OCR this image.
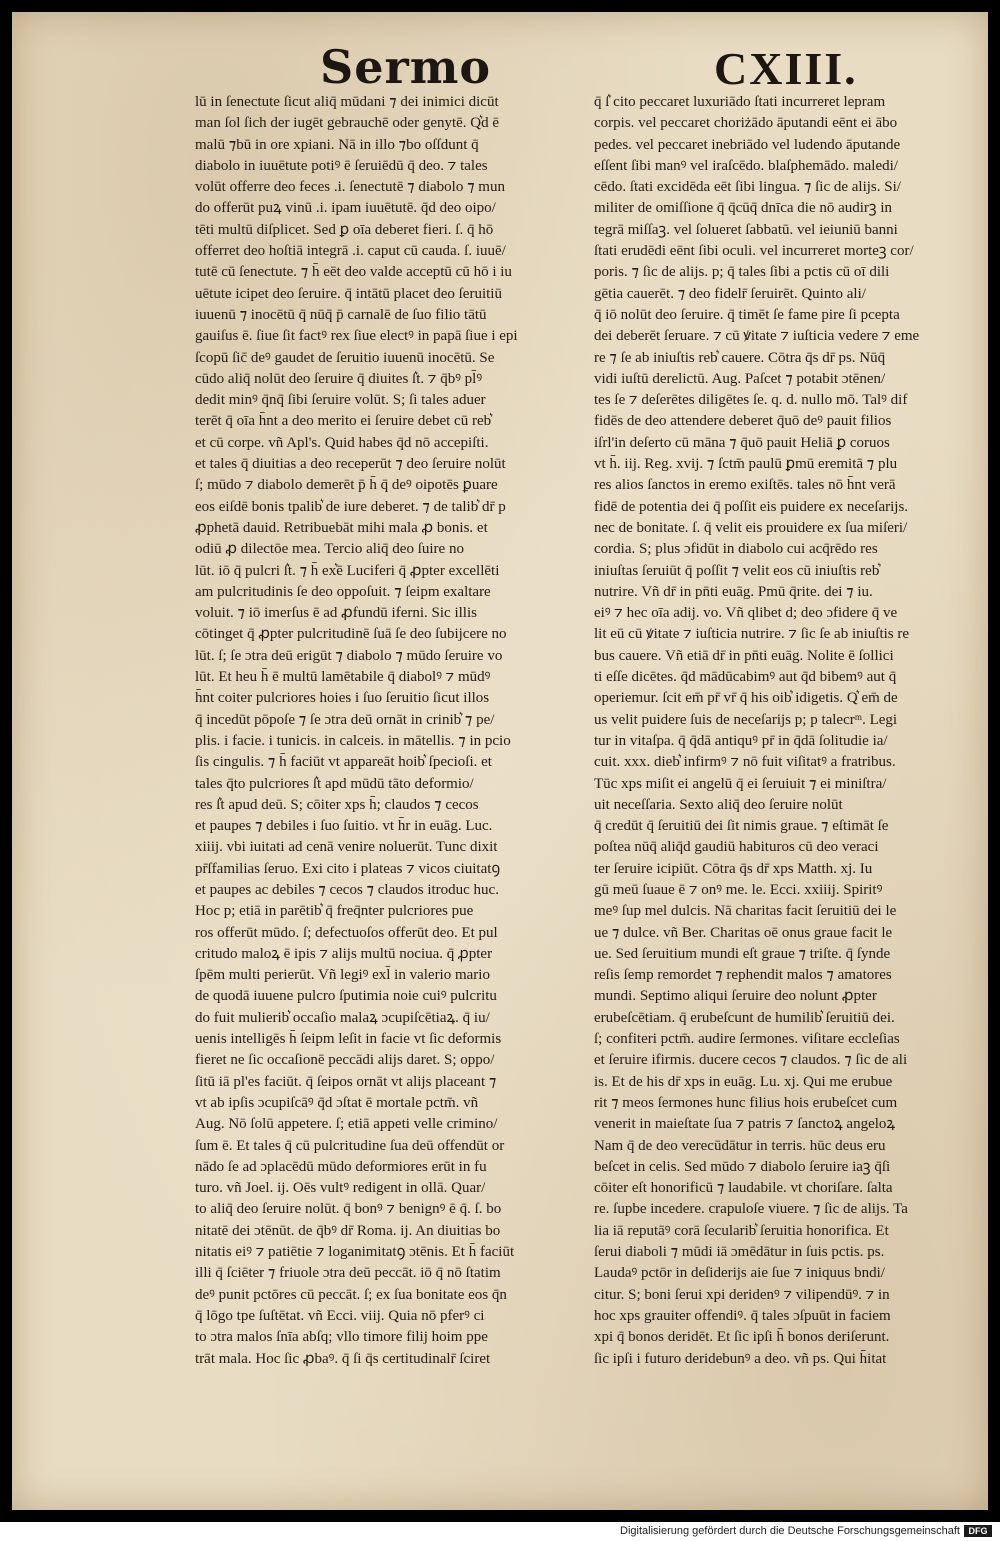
Sermo	CXIII.
lū in ſenectute ſicut aliq̄ mūdani ⁊ dei inimici dicūt
man ſol ſich der iugēt gebrauchē oder genytē. Q͛d ē
malū ⁊bū in ore xpiani. Nā in illo ⁊bo oſſdunt q̄
diabolo in iuuētute potiꝰ ē ſeruiēdū q̄ deo. ⁊ tales
volūt offerre deo feces .i. ſenectutē ⁊ diabolo ⁊ mun
do offerūt puꝝ vinū .i. ipam iuuētutē. q̄d deo oipo/
tēti multū diſplicet. Sed ꝑ oīa deberet fieri. ſ. q̄ hō
offerret deo hoſtiā integrā .i. caput cū cauda. ſ. iuuē/
tutē cū ſenectute. ⁊ h̄ eēt deo valde acceptū cū hō i iu
uētute icipet deo ſeruire. q̄ intātū placet deo ſeruitiū
iuuenū ⁊ inocētū q̄ nūq̄ p̄ carnalē de ſuo filio tātū
gauiſus ē. ſiue ſit factꝰ rex ſiue electꝰ in papā ſiue i epi
ſcopū ſic̄ deꝰ gaudet de ſeruitio iuuenū inocētū. Se
cūdo aliq̄ nolūt deo ſeruire q̄ diuites ſ͛t. ⁊ q̄bꝰ pl̄ꝰ
dedit minꝰ q̄nq̄ ſibi ſeruire volūt. S; ſi tales aduer
terēt q̄ oīa h̄nt a deo merito ei ſeruire debet cū reb͛
et cū corpe. vñ Apl's. Quid habes q̄d nō accepiſti.
et tales q̄ diuitias a deo receperūt ⁊ deo ſeruire nolūt
ſ; mūdo ⁊ diabolo demerēt p̄ h̄ q̄ deꝰ oipotēs ꝑuare
eos eiſdē bonis tpalib͛ de iure deberet. ⁊ de talib͛ dr̄ p
ꝓphetā dauid. Retribuebāt mihi mala ꝓ bonis. et
odiū ꝓ dilectōe mea. Tercio aliq̄ deo ſuire no
lūt. iō q̄ pulcri ſ͛t. ⁊ h̄ ex͛ē Luciferi q̄ ꝓpter excellēti
am pulcritudinis ſe deo oppoſuit. ⁊ ſeipm exaltare
voluit. ⁊ iō imerſus ē ad ꝓfundū iferni. Sic illis
cōtinget q̄ ꝓpter pulcritudinē ſuā ſe deo ſubijcere no
lūt. ſ; ſe ɔtra deū erigūt ⁊ diabolo ⁊ mūdo ſeruire vo
lūt. Et heu h̄ ē multū lamētabile q̄ diabolꝰ ⁊ mūdꝰ
h̄nt coiter pulcriores hoies i ſuo ſeruitio ſicut illos
q̄ incedūt pōpoſe ⁊ ſe ɔtra deū ornāt in crinib͛ ⁊ pe/
plis. i facie. i tunicis. in calceis. in mātellis. ⁊ in pcio
ſis cingulis. ⁊ h̄ faciūt vt appareāt hoib͛ ſpecioſi. et
tales q̄to pulcriores ſ͛t apd mūdū tāto deformio/
res ſ͛t apud deū. S; cōiter xps h̄; claudos ⁊ cecos
et paupes ⁊ debiles i ſuo ſuitio. vt h̄r in euāg. Luc.
xiiij. vbi iuitati ad cenā venire noluerūt. Tunc dixit
pr̄ſfamilias ſeruo. Exi cito i plateas ⁊ vicos ciuitatꝯ
et paupes ac debiles ⁊ cecos ⁊ claudos itroduc huc.
Hoc p; etiā in parētib͛ q̄ freq̄nter pulcriores pue
ros offerūt mūdo. ſ; defectuoſos offerūt deo. Et pul
critudo maloꝝ ē ipis ⁊ alijs multū nociua. q̄ ꝓpter
ſpēm multi perierūt. Vñ legiꝰ exl̄ in valerio mario
de quodā iuuene pulcro ſputimia noie cuiꝰ pulcritu
do fuit mulierib͛ occaſio malaꝝ ɔcupiſcētiaꝝ. q̄ iu/
uenis intelligēs h̄ ſeipm leſit in facie vt ſic deformis
fieret ne ſic occaſionē peccādi alijs daret. S; oppo/
ſitū iā pl'es faciūt. q̄ ſeipos ornāt vt alijs placeant ⁊
vt ab ipſis ɔcupiſcāꝰ q̄d ɔſtat ē mortale pctm̄. vñ
Aug. Nō ſolū appetere. ſ; etiā appeti velle crimino/
ſum ē. Et tales q̄ cū pulcritudine ſua deū offendūt or
nādo ſe ad ɔplacēdū mūdo deformiores erūt in fu
turo. vñ Joel. ij. Oēs vultꝰ redigent in ollā. Quar/
to aliq̄ deo ſeruire nolūt. q̄ bonꝰ ⁊ benignꝰ ē q̄. ſ. bo
nitatē dei ɔtēnūt. de q̄bꝰ dr̄ Roma. ij. An diuitias bo
nitatis eiꝰ ⁊ patiētie ⁊ loganimitatꝯ ɔtēnis. Et h̄ faciūt
illi q̄ ſciēter ⁊ friuole ɔtra deū peccāt. iō q̄ nō ſtatim
deꝰ punit pctōres cū peccāt. ſ; ex ſua bonitate eos q̄n
q̄ lōgo tpe ſuſtētat. vñ Ecci. viij. Quia nō pferꝰ ci
to ɔtra malos ſnīa abſq; vllo timore filij hoim ppe
trāt mala. Hoc ſic ꝓbaꝰ. q̄ ſi q̄s certitudinalr̄ ſciret
q̄ ſ͛ cito peccaret luxuriādo ſtati incurreret lepram
corpis. vel peccaret choriżādo āputandi eēnt ei ābo
pedes. vel peccaret inebriādo vel ludendo āputande
eſſent ſibi manꝰ vel iraſcēdo. blaſphemādo. maledi/
cēdo. ſtati excidēda eēt ſibi lingua. ⁊ ſic de alijs. Si/
militer de omiſſione q̄ q̄cūq̄ dnīca die nō audirꝫ in
tegrā miſſaꝫ. vel ſolueret ſabbatū. vel ieiuniū banni
ſtati erudēdi eēnt ſibi oculi. vel incurreret morteꝫ cor/
poris. ⁊ ſic de alijs. p; q̄ tales ſibi a pctis cū oī dili
gētia cauerēt. ⁊ deo fidelr̄ ſeruirēt. Quinto ali/
q̄ iō nolūt deo ſeruire. q̄ timēt ſe fame pire ſi pcepta
dei deberēt ſeruare. ⁊ cū ꝟitate ⁊ iuſticia vedere ⁊ eme
re ⁊ ſe ab iniuſtis reb͛ cauere. Cōtra q̄s dr̄ ps. Nūq̄
vidi iuſtū derelictū. Aug. Paſcet ⁊ potabit ɔtēnen/
tes ſe ⁊ deſerētes diligētes ſe. q. d. nullo mō. Talꝰ dif
fidēs de deo attendere deberet q̄uō deꝰ pauit filios
iſrl'in deſerto cū māna ⁊ q̄uō pauit Heliā ꝑ coruos
vt h̄. iij. Reg. xvij. ⁊ ſctm̄ paulū ꝑmū eremitā ⁊ plu
res alios ſanctos in eremo exiſtēs. tales nō h̄nt verā
fidē de potentia dei q̄ poſſit eis puidere ex neceſarijs.
nec de bonitate. ſ. q̄ velit eis prouidere ex ſua miſeri/
cordia. S; plus ɔfidūt in diabolo cui acq̄rēdo res
iniuſtas ſeruiūt q̄ poſſit ⁊ velit eos cū iniuſtis reb͛
nutrire. Vñ dr̄ in pn̄ti euāg. Pmū q̄rite. dei ⁊ iu.
eiꝰ ⁊ hec oīa adij. vo. Vñ qlibet d; deo ɔfidere q̄ ve
lit eū cū ꝟitate ⁊ iuſticia nutrire. ⁊ ſic ſe ab iniuſtis re
bus cauere. Vñ etiā dr̄ in pn̄ti euāg. Nolite ē ſollici
ti eſſe dicētes. q̄d mādūcabimꝰ aut q̄d bibemꝰ aut q̄
operiemur. ſcit em̄ pr̄ vr̄ q̄ his oib͛ idigetis. Q͛ em̄ de
us velit puidere ſuis de neceſarijs p; p talecrᵐ. Legi
tur in vitaſpa. q̄ q̄dā antiquꝰ pr̄ in q̄dā ſolitudie ia/
cuit. xxx. dieb͛ infirmꝰ ⁊ nō fuit viſitatꝰ a fratribus.
Tūc xps miſit ei angelū q̄ ei ſeruiuit ⁊ ei miniſtra/
uit neceſſaria. Sexto aliq̄ deo ſeruire nolūt
q̄ credūt q̄ ſeruitiū dei ſit nimis graue. ⁊ eſtimāt ſe
poſtea nūq̄ aliq̄d gaudiū habituros cū deo veraci
ter ſeruire icipiūt. Cōtra q̄s dr̄ xps Matth. xj. Iu
gū meū ſuaue ē ⁊ onꝰ me. le. Ecci. xxiiij. Spiritꝰ
meꝰ ſup mel dulcis. Nā charitas facit ſeruitiū dei le
ue ⁊ dulce. vñ Ber. Charitas oē onus graue facit le
ue. Sed ſeruitium mundi eſt graue ⁊ triſte. q̄ ſynde
reſis ſemp remordet ⁊ rephendit malos ⁊ amatores
mundi. Septimo aliqui ſeruire deo nolunt ꝓpter
erubeſcētiam. q̄ erubeſcunt de humilib͛ ſeruitiū dei.
ſ; confiteri pctm̄. audire ſermones. viſitare eccleſias
et ſeruire ifirmis. ducere cecos ⁊ claudos. ⁊ ſic de ali
is. Et de his dr̄ xps in euāg. Lu. xj. Qui me erubue
rit ⁊ meos ſermones hunc filius hois erubeſcet cum
venerit in maieſtate ſua ⁊ patris ⁊ ſanctoꝝ angeloꝝ
Nam q̄ de deo verecūdātur in terris. hūc deus eru
beſcet in celis. Sed mūdo ⁊ diabolo ſeruire iaꝫ q̄ſi
cōiter eſt honorificū ⁊ laudabile. vt choriſare. ſalta
re. ſupbe incedere. crapuloſe viuere. ⁊ ſic de alijs. Ta
lia iā reputāꝰ corā ſecularib͛ ſeruitia honorifica. Et
ſerui diaboli ⁊ mūdi iā ɔmēdātur in ſuis pctis. ps.
Laudaꝰ pctōr in deſiderijs aie ſue ⁊ iniquus bndi/
citur. S; boni ſerui xpi deridenꝰ ⁊ vilipendūꝰ. ⁊ in
hoc xps grauiter offendiꝰ. q̄ tales ɔſpuūt in faciem
xpi q̄ bonos deridēt. Et ſic ipſi h̄ bonos deriſerunt.
ſic ipſi i futuro deridebunꝰ a deo. vñ ps. Qui h̄itat
Digitalisierung gefördert durch die Deutsche Forschungsgemeinschaft DFG
